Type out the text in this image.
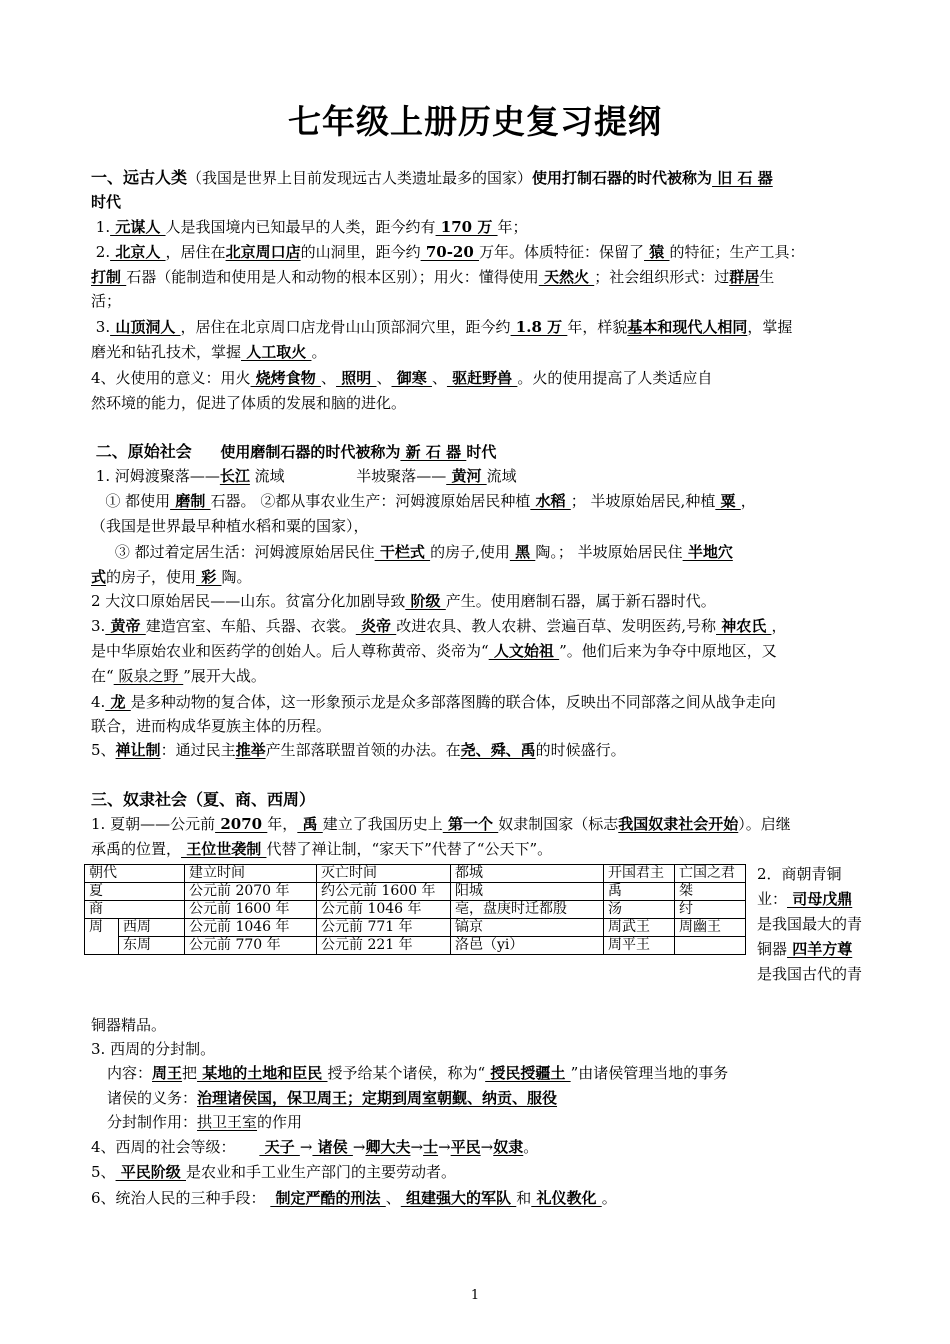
七年级上册历史复习提纲
一、远古人类（我国是世界上目前发现远古人类遗址最多的国家）使用打制石器的时代被称为 旧 石 器
时代
1. 元谋人 人是我国境内已知最早的人类，距今约有 170 万 年；
2. 北京人 ，居住在北京周口店的山洞里，距今约 70-20 万年。体质特征：保留了 猿 的特征；生产工具：
打制 石器（能制造和使用是人和动物的根本区别）；用火：懂得使用 天然火 ；社会组织形式：过群居生
活；
3. 山顶洞人 ，居住在北京周口店龙骨山山顶部洞穴里，距今约 1.8 万 年，样貌基本和现代人相同，掌握
磨光和钻孔技术，掌握 人工取火 。
4、火使用的意义：用火 烧烤食物 、 照明 、 御寒 、 驱赶野兽 。火的使用提高了人类适应自
然环境的能力，促进了体质的发展和脑的进化。
二、原始社会 使用磨制石器的时代被称为 新 石 器 时代
1. 河姆渡聚落——长江 流域	半坡聚落—— 黄河 流域
① 都使用 磨制 石器。 ②都从事农业生产：河姆渡原始居民种植 水稻 ； 半坡原始居民,种植 粟 ，
（我国是世界最早种植水稻和粟的国家），
③ 都过着定居生活：河姆渡原始居民住 干栏式 的房子,使用 黑 陶。； 半坡原始居民住 半地穴
式的房子，使用 彩 陶。
2 大汶口原始居民——山东。贫富分化加剧导致 阶级 产生。使用磨制石器，属于新石器时代。
3. 黄帝 建造宫室、车船、兵器、衣裳。 炎帝 改进农具、教人农耕、尝遍百草、发明医药,号称 神农氏 ，
是中华原始农业和医药学的创始人。后人尊称黄帝、炎帝为“ 人文始祖 ”。他们后来为争夺中原地区，又
在“ 阪泉之野 ”展开大战。
4. 龙 是多种动物的复合体，这一形象预示龙是众多部落图腾的联合体，反映出不同部落之间从战争走向
联合，进而构成华夏族主体的历程。
5、禅让制：通过民主推举产生部落联盟首领的办法。在尧、舜、禹的时候盛行。
三、奴隶社会（夏、商、西周）
1. 夏朝——公元前 2070 年， 禹 建立了我国历史上 第一个 奴隶制国家（标志我国奴隶社会开始）。启继
承禹的位置， 王位世袭制 代替了禅让制，“家天下”代替了“公天下”。
朝代		建立时间	灭亡时间	都城	开国君主	亡国之君
夏		公元前 2070 年	约公元前 1600 年	阳城	禹	桀
商		公元前 1600 年	公元前 1046 年	亳，盘庚时迁都殷	汤	纣
周	西周	公元前 1046 年	公元前 771 年	镐京	周武王	周幽王
	东周	公元前 770 年	公元前 221 年	洛邑（yi）	周平王	
2．商朝青铜业： 司母戊鼎 是我国最大的青铜器 四羊方尊 是我国古代的青
铜器精品。
3. 西周的分封制。
内容：周王把 某地的土地和臣民 授予给某个诸侯，称为“ 授民授疆土 ”由诸侯管理当地的事务
诸侯的义务：治理诸侯国，保卫周王；定期到周室朝觐、纳贡、服役
分封制作用：拱卫王室的作用
4、西周的社会等级：      天子 → 诸侯 →卿大夫→士→平民→奴隶。
5、 平民阶级 是农业和手工业生产部门的主要劳动者。
6、统治人民的三种手段：  制定严酷的刑法 、 组建强大的军队 和 礼仪教化 。
1
